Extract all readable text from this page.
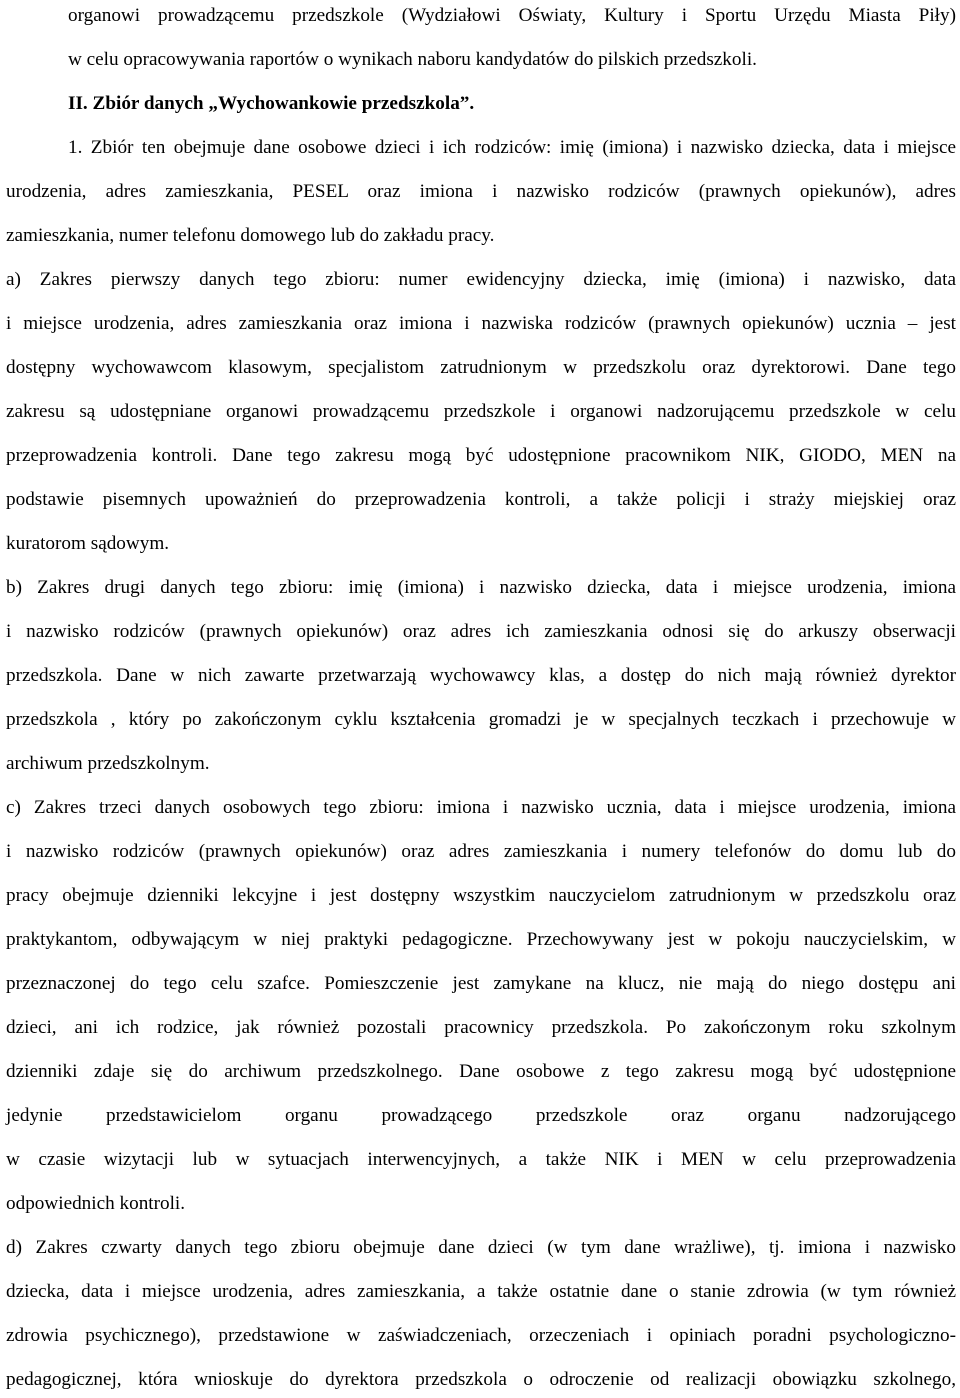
organowi prowadzącemu przedszkole (Wydziałowi Oświaty, Kultury i Sportu Urzędu Miasta Piły)
w celu opracowywania raportów o wynikach naboru kandydatów do pilskich przedszkoli.
II. Zbiór danych „Wychowankowie przedszkola”.
1. Zbiór ten obejmuje dane osobowe dzieci i ich rodziców: imię (imiona) i nazwisko dziecka, data i miejsce
urodzenia, adres zamieszkania, PESEL oraz imiona i nazwisko rodziców (prawnych opiekunów), adres
zamieszkania, numer telefonu domowego lub do zakładu pracy.
a) Zakres pierwszy danych tego zbioru: numer ewidencyjny dziecka, imię (imiona) i nazwisko, data
i miejsce urodzenia, adres zamieszkania oraz imiona i nazwiska rodziców (prawnych opiekunów) ucznia – jest
dostępny wychowawcom klasowym, specjalistom zatrudnionym w przedszkolu oraz dyrektorowi. Dane tego
zakresu są udostępniane organowi prowadzącemu przedszkole i organowi nadzorującemu przedszkole w celu
przeprowadzenia kontroli. Dane tego zakresu mogą być udostępnione pracownikom NIK, GIODO, MEN na
podstawie pisemnych upoważnień do przeprowadzenia kontroli, a także policji i straży miejskiej oraz
kuratorom sądowym.
b) Zakres drugi danych tego zbioru: imię (imiona) i nazwisko dziecka, data i miejsce urodzenia, imiona
i nazwisko rodziców (prawnych opiekunów) oraz adres ich zamieszkania odnosi się do arkuszy obserwacji
przedszkola. Dane w nich zawarte przetwarzają wychowawcy klas, a dostęp do nich mają również dyrektor
przedszkola , który po zakończonym cyklu kształcenia gromadzi je w specjalnych teczkach i przechowuje w
archiwum przedszkolnym.
c) Zakres trzeci danych osobowych tego zbioru: imiona i nazwisko ucznia, data i miejsce urodzenia, imiona
i nazwisko rodziców (prawnych opiekunów) oraz adres zamieszkania i numery telefonów do domu lub do
pracy obejmuje dzienniki lekcyjne i jest dostępny wszystkim nauczycielom zatrudnionym w przedszkolu oraz
praktykantom, odbywającym w niej praktyki pedagogiczne. Przechowywany jest w pokoju nauczycielskim, w
przeznaczonej do tego celu szafce. Pomieszczenie jest zamykane na klucz, nie mają do niego dostępu ani
dzieci, ani ich rodzice, jak również pozostali pracownicy przedszkola. Po zakończonym roku szkolnym
dzienniki zdaje się do archiwum przedszkolnego. Dane osobowe z tego zakresu mogą być udostępnione
jedynie przedstawicielom organu prowadzącego przedszkole oraz organu nadzorującego
w czasie wizytacji lub w sytuacjach interwencyjnych, a także NIK i MEN w celu przeprowadzenia
odpowiednich kontroli.
d) Zakres czwarty danych tego zbioru obejmuje dane dzieci (w tym dane wrażliwe), tj. imiona i nazwisko
dziecka, data i miejsce urodzenia, adres zamieszkania, a także ostatnie dane o stanie zdrowia (w tym również
zdrowia psychicznego), przedstawione w zaświadczeniach, orzeczeniach i opiniach poradni psychologiczno-
pedagogicznej, która wnioskuje do dyrektora przedszkola o odroczenie od realizacji obowiązku szkolnego,
